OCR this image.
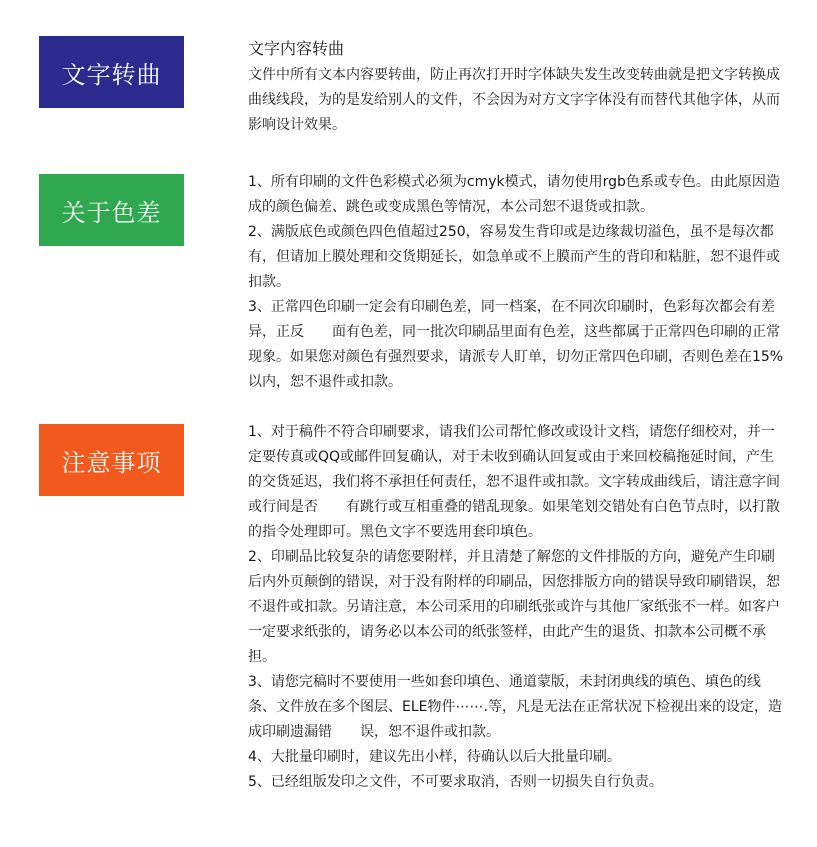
文字转曲

文字内容转曲

文件中所有文本内容要转曲，防止再次打开时字体缺失发生改变转曲就是把文字转换成曲线线段，为的是发给别人的文件，不会因为对方文字字体没有而替代其他字体，从而影响设计效果。

关于色差

1、所有印刷的文件色彩模式必须为cmyk模式，请勿使用rgb色系或专色。由此原因造成的颜色偏差、跳色或变成黑色等情况，本公司恕不退货或扣款。

2、满版底色或颜色四色值超过250，容易发生背印或是边缘裁切溢色，虽不是每次都有，但请加上膜处理和交货期延长，如急单或不上膜而产生的背印和粘脏，恕不退件或扣款。

3、正常四色印刷一定会有印刷色差，同一档案，在不同次印刷时，色彩每次都会有差异，正反　　面有色差，同一批次印刷品里面有色差，这些都属于正常四色印刷的正常现象。如果您对颜色有强烈要求，请派专人盯单，切勿正常四色印刷，否则色差在15%以内，恕不退件或扣款。

注意事项

1、对于稿件不符合印刷要求，请我们公司帮忙修改或设计文档，请您仔细校对，并一定要传真或QQ或邮件回复确认，对于未收到确认回复或由于来回校稿拖延时间，产生的交货延迟，我们将不承担任何责任，恕不退件或扣款。文字转成曲线后，请注意字间或行间是否　　有跳行或互相重叠的错乱现象。如果笔划交错处有白色节点时，以打散的指令处理即可。黑色文字不要选用套印填色。

2、印刷品比较复杂的请您要附样，并且清楚了解您的文件排版的方向，避免产生印刷后内外页颠倒的错误，对于没有附样的印刷品，因您排版方向的错误导致印刷错误，恕不退件或扣款。另请注意，本公司采用的印刷纸张或许与其他厂家纸张不一样。如客户一定要求纸张的，请务必以本公司的纸张签样，由此产生的退货、扣款本公司概不承担。

3、请您完稿时不要使用一些如套印填色、通道蒙版，未封闭典线的填色、填色的线条、文件放在多个图层、ELE物件⋯⋯.等，凡是无法在正常状况下检视出来的设定，造成印刷遗漏错　　误，恕不退件或扣款。

4、大批量印刷时，建议先出小样，待确认以后大批量印刷。

5、已经组版发印之文件，不可要求取消，否则一切损失自行负责。
